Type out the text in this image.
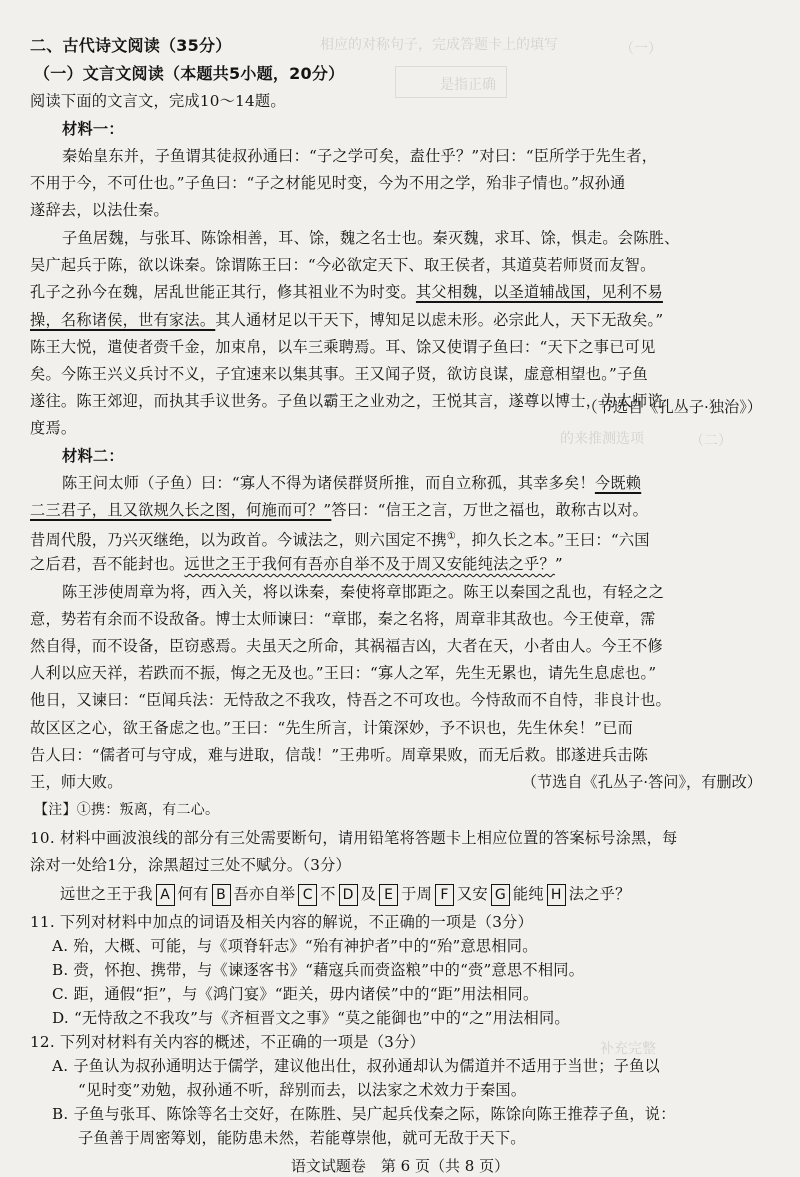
相应的对称句子，完成答题卡上的填写	（一）
是指正确
的来推测选项	（二）
补充完整
二、古代诗文阅读（35分）
（一）文言文阅读（本题共5小题，20分）
阅读下面的文言文，完成10～14题。
材料一：
秦始皇东并，子鱼谓其徒叔孙通曰：“子之学可矣，盍仕乎？”对曰：“臣所学于先生者，
不用于今，不可仕也。”子鱼曰：“子之材能见时变，今为不用之学，殆非子情也。”叔孙通
遂辞去，以法仕秦。
子鱼居魏，与张耳、陈馀相善，耳、馀，魏之名士也。秦灭魏，求耳、馀，惧走。会陈胜、
吴广起兵于陈，欲以诛秦。馀谓陈王曰：“今必欲定天下、取王侯者，其道莫若师贤而友智。
孔子之孙今在魏，居乱世能正其行，修其祖业不为时变。其父相魏，以圣道辅战国，见利不易
操，名称诸侯，世有家法。其人通材足以干天下，博知足以虑未形。必宗此人，天下无敌矣。”
陈王大悦，遣使者赍千金，加束帛，以车三乘聘焉。耳、馀又使谓子鱼曰：“天下之事已可见
矣。今陈王兴义兵讨不义，子宜速来以集其事。王又闻子贤，欲访良谋，虚意相望也。”子鱼
遂往。陈王郊迎，而执其手议世务。子鱼以霸王之业劝之，王悦其言，遂尊以博士，为太师谘
度焉。
（节选自《孔丛子·独治》）
材料二：
陈王问太师（子鱼）曰：“寡人不得为诸侯群贤所推，而自立称孤，其幸多矣！今既赖
二三君子，且又欲规久长之图，何施而可？”答曰：“信王之言，万世之福也，敢称古以对。
昔周代殷，乃兴灭继绝，以为政首。今诚法之，则六国定不携①，抑久长之本。”王曰：“六国
之后君，吾不能封也。远世之王于我何有吾亦自举不及于周又安能纯法之乎？”
陈王涉使周章为将，西入关，将以诛秦，秦使将章邯距之。陈王以秦国之乱也，有轻之之
意，势若有余而不设敌备。博士太师谏曰：“章邯，秦之名将，周章非其敌也。今王使章，霈
然自得，而不设备，臣窃惑焉。夫虽天之所命，其祸福吉凶，大者在天，小者由人。今王不修
人利以应天祥，若跌而不振，悔之无及也。”王曰：“寡人之军，先生无累也，请先生息虑也。”
他日，又谏曰：“臣闻兵法：无恃敌之不我攻，恃吾之不可攻也。今恃敌而不自恃，非良计也。
故区区之心，欲王备虑之也。”王曰：“先生所言，计策深妙，予不识也，先生休矣！”已而
告人曰：“儒者可与守成，难与进取，信哉！”王弗听。周章果败，而无后救。邯遂进兵击陈
王，师大败。	（节选自《孔丛子·答问》，有删改）
【注】①携：叛离，有二心。
10. 材料中画波浪线的部分有三处需要断句，请用铅笔将答题卡上相应位置的答案标号涂黑，每
涂对一处给1分，涂黑超过三处不赋分。（3分）
远世之王于我 A 何有 B 吾亦自举 C 不 D 及 E 于周 F 又安 G 能纯 H 法之乎？
11. 下列对材料中加点的词语及相关内容的解说，不正确的一项是（3分）
A. 殆，大概、可能，与《项脊轩志》“殆有神护者”中的“殆”意思相同。
B. 赍，怀抱、携带，与《谏逐客书》“藉寇兵而赍盗粮”中的“赍”意思不相同。
C. 距，通假“拒”，与《鸿门宴》“距关，毋内诸侯”中的“距”用法相同。
D. “无恃敌之不我攻”与《齐桓晋文之事》“莫之能御也”中的“之”用法相同。
12. 下列对材料有关内容的概述，不正确的一项是（3分）
A. 子鱼认为叔孙通明达于儒学，建议他出仕，叔孙通却认为儒道并不适用于当世；子鱼以
“见时变”劝勉，叔孙通不听，辞别而去，以法家之术效力于秦国。
B. 子鱼与张耳、陈馀等名士交好，在陈胜、吴广起兵伐秦之际，陈馀向陈王推荐子鱼，说：
子鱼善于周密筹划，能防患未然，若能尊崇他，就可无敌于天下。
语文试题卷　第 6 页（共 8 页）
